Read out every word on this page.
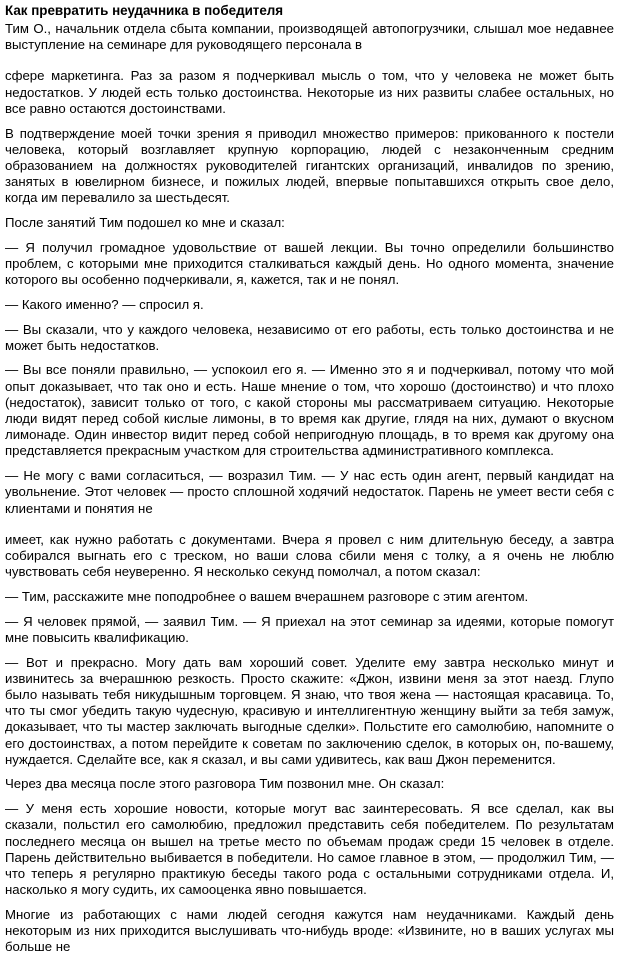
Как превратить неудачника в победителя

Тим О., начальник отдела сбыта компании, производящей автопогрузчики, слышал мое недавнее выступление на семинаре для руководящего персонала в

сфере маркетинга. Раз за разом я подчеркивал мысль о том, что у человека не может быть недостатков. У людей есть только достоинства. Некоторые из них развиты слабее остальных, но все равно остаются достоинствами.

В подтверждение моей точки зрения я приводил множество примеров: прикованного к постели человека, который возглавляет крупную корпорацию, людей с незаконченным средним образованием на должностях руководителей гигантских организаций, инвалидов по зрению, занятых в ювелирном бизнесе, и пожилых людей, впервые попытавшихся открыть свое дело, когда им перевалило за шестьдесят.

После занятий Тим подошел ко мне и сказал:

— Я получил громадное удовольствие от вашей лекции. Вы точно определили большинство проблем, с которыми мне приходится сталкиваться каждый день. Но одного момента, значение которого вы особенно подчеркивали, я, кажется, так и не понял.

— Какого именно? — спросил я.

— Вы сказали, что у каждого человека, независимо от его работы, есть только достоинства и не может быть недостатков.

— Вы все поняли правильно, — успокоил его я. — Именно это я и подчеркивал, потому что мой опыт доказывает, что так оно и есть. Наше мнение о том, что хорошо (достоинство) и что плохо (недостаток), зависит только от того, с какой стороны мы рассматриваем ситуацию. Некоторые люди видят перед собой кислые лимоны, в то время как другие, глядя на них, думают о вкусном лимонаде. Один инвестор видит перед собой непригодную площадь, в то время как другому она представляется прекрасным участком для строительства административного комплекса.

— Не могу с вами согласиться, — возразил Тим. — У нас есть один агент, первый кандидат на увольнение. Этот человек — просто сплошной ходячий недостаток. Парень не умеет вести себя с клиентами и понятия не

имеет, как нужно работать с документами. Вчера я провел с ним длительную беседу, а завтра собирался выгнать его с треском, но ваши слова сбили меня с толку, а я очень не люблю чувствовать себя неуверенно. Я несколько секунд помолчал, а потом сказал:

— Тим, расскажите мне поподробнее о вашем вчерашнем разговоре с этим агентом.

— Я человек прямой, — заявил Тим. — Я приехал на этот семинар за идеями, которые помогут мне повысить квалификацию.

— Вот и прекрасно. Могу дать вам хороший совет. Уделите ему завтра несколько минут и извинитесь за вчерашнюю резкость. Просто скажите: «Джон, извини меня за этот наезд. Глупо было называть тебя никудышным торговцем. Я знаю, что твоя жена — настоящая красавица. То, что ты смог убедить такую чудесную, красивую и интеллигентную женщину выйти за тебя замуж, доказывает, что ты мастер заключать выгодные сделки». Польстите его самолюбию, напомните о его достоинствах, а потом перейдите к советам по заключению сделок, в которых он, по-вашему, нуждается. Сделайте все, как я сказал, и вы сами удивитесь, как ваш Джон переменится.

Через два месяца после этого разговора Тим позвонил мне. Он сказал:

— У меня есть хорошие новости, которые могут вас заинтересовать. Я все сделал, как вы сказали, польстил его самолюбию, предложил представить себя победителем. По результатам последнего месяца он вышел на третье место по объемам продаж среди 15 человек в отделе. Парень действительно выбивается в победители. Но самое главное в этом, — продолжил Тим, — что теперь я регулярно практикую беседы такого рода с остальными сотрудниками отдела. И, насколько я могу судить, их самооценка явно повышается.

Многие из работающих с нами людей сегодня кажутся нам неудачниками. Каждый день некоторым из них приходится выслушивать что-нибудь вроде: «Извините, но в ваших услугах мы больше не
